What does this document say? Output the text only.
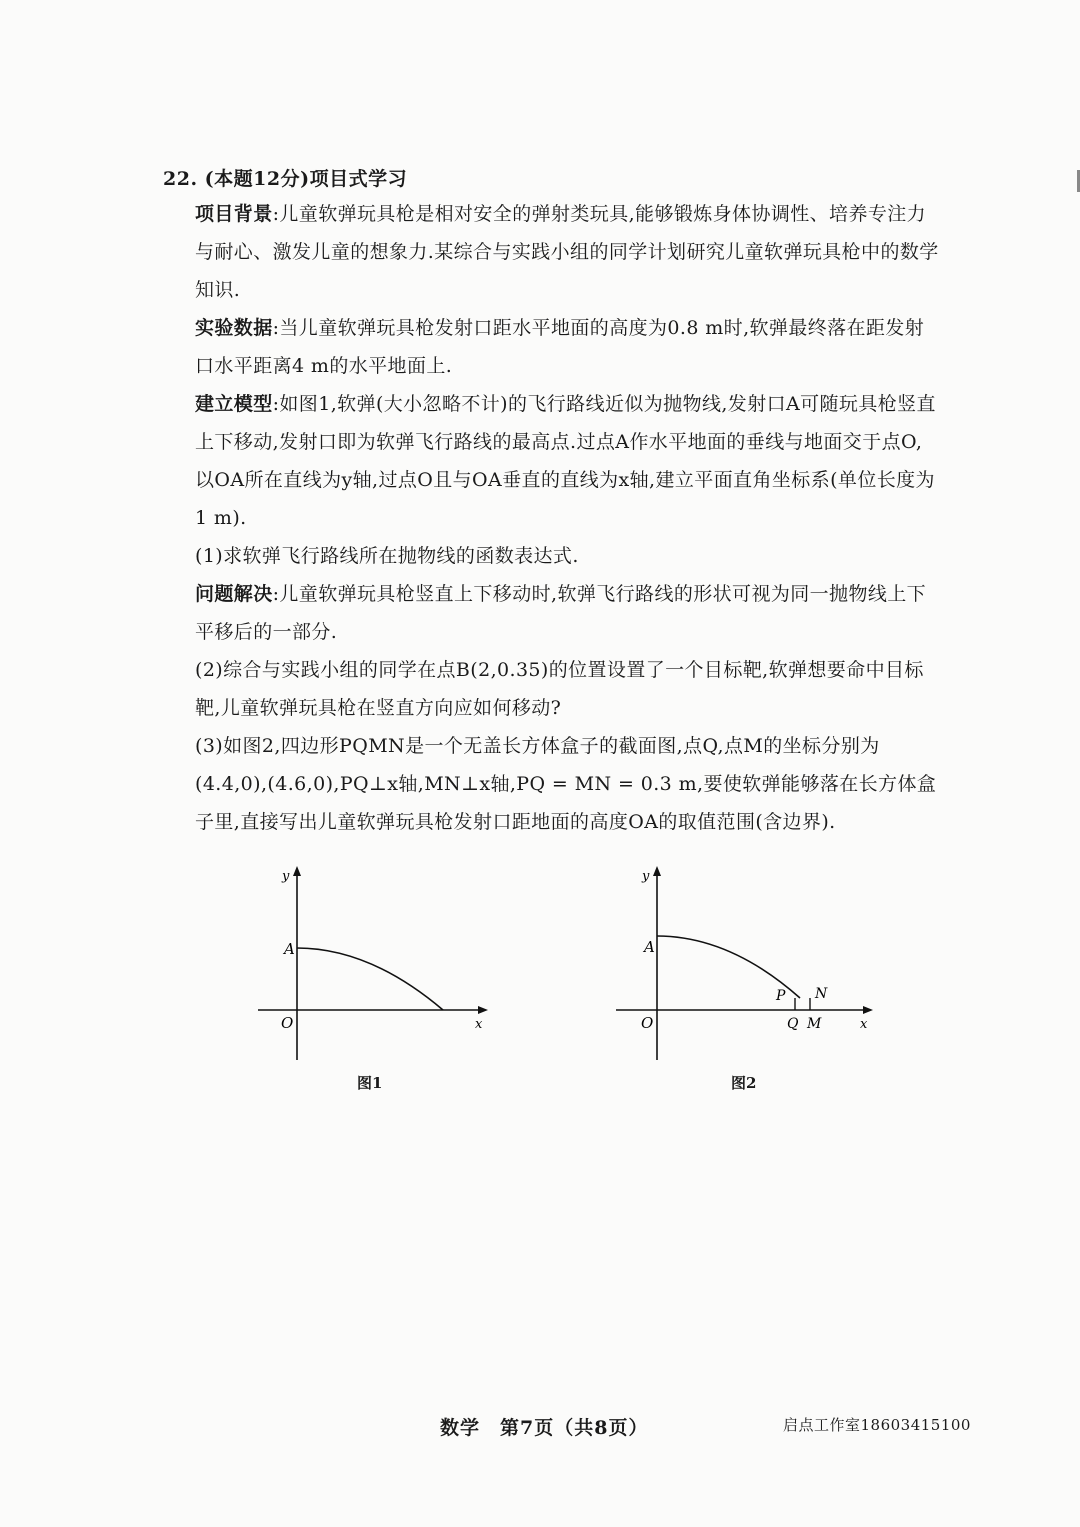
22. (本题12分)项目式学习

项目背景:儿童软弹玩具枪是相对安全的弹射类玩具,能够锻炼身体协调性、培养专注力与耐心、激发儿童的想象力.某综合与实践小组的同学计划研究儿童软弹玩具枪中的数学知识.

实验数据:当儿童软弹玩具枪发射口距水平地面的高度为0.8 m时,软弹最终落在距发射口水平距离4 m的水平地面上.

建立模型:如图1,软弹(大小忽略不计)的飞行路线近似为抛物线,发射口A可随玩具枪竖直上下移动,发射口即为软弹飞行路线的最高点.过点A作水平地面的垂线与地面交于点O,以OA所在直线为y轴,过点O且与OA垂直的直线为x轴,建立平面直角坐标系(单位长度为1 m).

(1)求软弹飞行路线所在抛物线的函数表达式.

问题解决:儿童软弹玩具枪竖直上下移动时,软弹飞行路线的形状可视为同一抛物线上下平移后的一部分.

(2)综合与实践小组的同学在点B(2,0.35)的位置设置了一个目标靶,软弹想要命中目标靶,儿童软弹玩具枪在竖直方向应如何移动?

(3)如图2,四边形PQMN是一个无盖长方体盒子的截面图,点Q,点M的坐标分别为(4.4,0),(4.6,0),PQ⊥x轴,MN⊥x轴,PQ = MN = 0.3 m,要使软弹能够落在长方体盒子里,直接写出儿童软弹玩具枪发射口距地面的高度OA的取值范围(含边界).

y
x
O
A
图1
y
x
O
A
P N
Q M
图2
数学　第7页（共8页）	启点工作室18603415100
